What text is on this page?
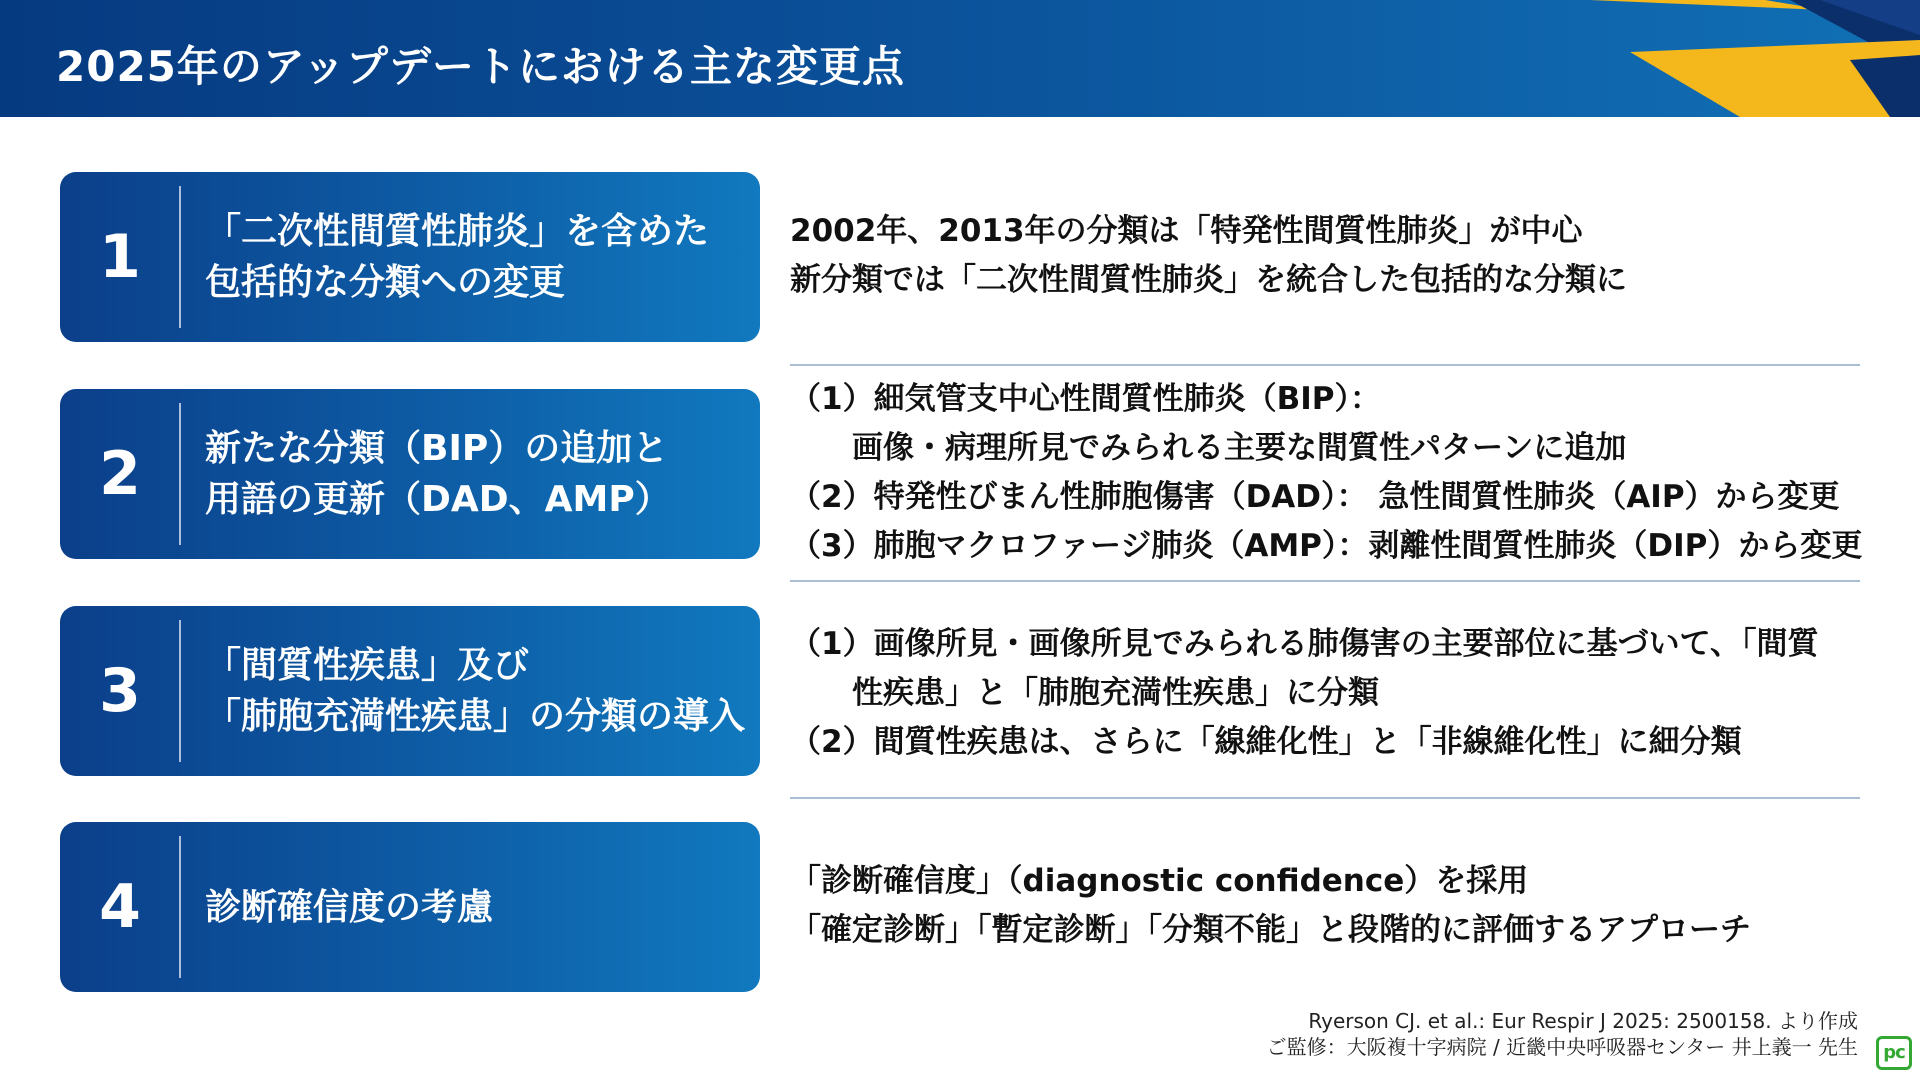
2025年のアップデートにおける主な変更点
1	「二次性間質性肺炎」を含めた
包括的な分類への変更
2	新たな分類（BIP）の追加と
用語の更新（DAD、AMP）
3	「間質性疾患」及び
「肺胞充満性疾患」の分類の導入
4	診断確信度の考慮
2002年、2013年の分類は「特発性間質性肺炎」が中心
新分類では「二次性間質性肺炎」を統合した包括的な分類に
（1）細気管支中心性間質性肺炎（BIP）：
画像・病理所見でみられる主要な間質性パターンに追加
（2）特発性びまん性肺胞傷害（DAD）： 急性間質性肺炎（AIP）から変更
（3）肺胞マクロファージ肺炎（AMP）：剥離性間質性肺炎（DIP）から変更
（1）画像所見・画像所見でみられる肺傷害の主要部位に基づいて、「間質
性疾患」と「肺胞充満性疾患」に分類
（2）間質性疾患は、さらに「線維化性」と「非線維化性」に細分類
「診断確信度」（diagnostic confidence）を採用
「確定診断」「暫定診断」「分類不能」と段階的に評価するアプローチ
Ryerson CJ. et al.: Eur Respir J 2025: 2500158. より作成
ご監修：大阪複十字病院 / 近畿中央呼吸器センター 井上義一 先生	pc
